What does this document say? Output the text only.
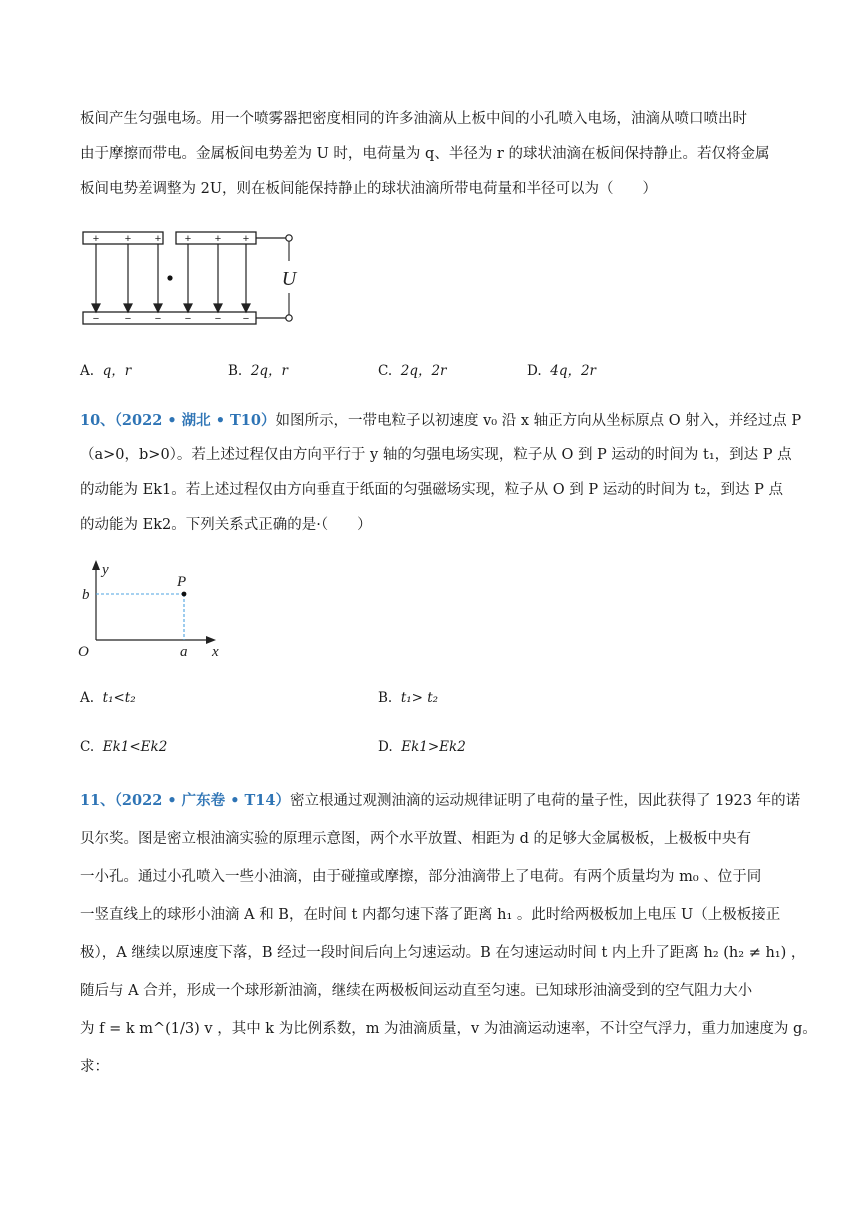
板间产生匀强电场。用一个喷雾器把密度相同的许多油滴从上板中间的小孔喷入电场，油滴从喷口喷出时
由于摩擦而带电。金属板间电势差为 U 时，电荷量为 q、半径为 r 的球状油滴在板间保持静止。若仅将金属
板间电势差调整为 2U，则在板间能保持静止的球状油滴所带电荷量和半径可以为（　　）
+ + + + + +
− − − − − −
U
A. q，r	B. 2q，r	C. 2q，2r	D. 4q，2r
10、（2022 • 湖北 • T10）如图所示，一带电粒子以初速度 v₀ 沿 x 轴正方向从坐标原点 O 射入，并经过点 P
（a>0，b>0）。若上述过程仅由方向平行于 y 轴的匀强电场实现，粒子从 O 到 P 运动的时间为 t₁，到达 P 点
的动能为 Ek1。若上述过程仅由方向垂直于纸面的匀强磁场实现，粒子从 O 到 P 运动的时间为 t₂，到达 P 点
的动能为 Ek2。下列关系式正确的是·（　　）
y
x
O
P
a
b
A. t₁<t₂	B. t₁> t₂
C. Ek1<Ek2	D. Ek1>Ek2
11、（2022 • 广东卷 • T14）密立根通过观测油滴的运动规律证明了电荷的量子性，因此获得了 1923 年的诺
贝尔奖。图是密立根油滴实验的原理示意图，两个水平放置、相距为 d 的足够大金属极板，上极板中央有
一小孔。通过小孔喷入一些小油滴，由于碰撞或摩擦，部分油滴带上了电荷。有两个质量均为 m₀ 、位于同
一竖直线上的球形小油滴 A 和 B，在时间 t 内都匀速下落了距离 h₁ 。此时给两极板加上电压 U（上极板接正
极），A 继续以原速度下落，B 经过一段时间后向上匀速运动。B 在匀速运动时间 t 内上升了距离 h₂ (h₂ ≠ h₁) ，
随后与 A 合并，形成一个球形新油滴，继续在两极板间运动直至匀速。已知球形油滴受到的空气阻力大小
为 f = k m^(1/3) v ，其中 k 为比例系数，m 为油滴质量，v 为油滴运动速率，不计空气浮力，重力加速度为 g。
求：
